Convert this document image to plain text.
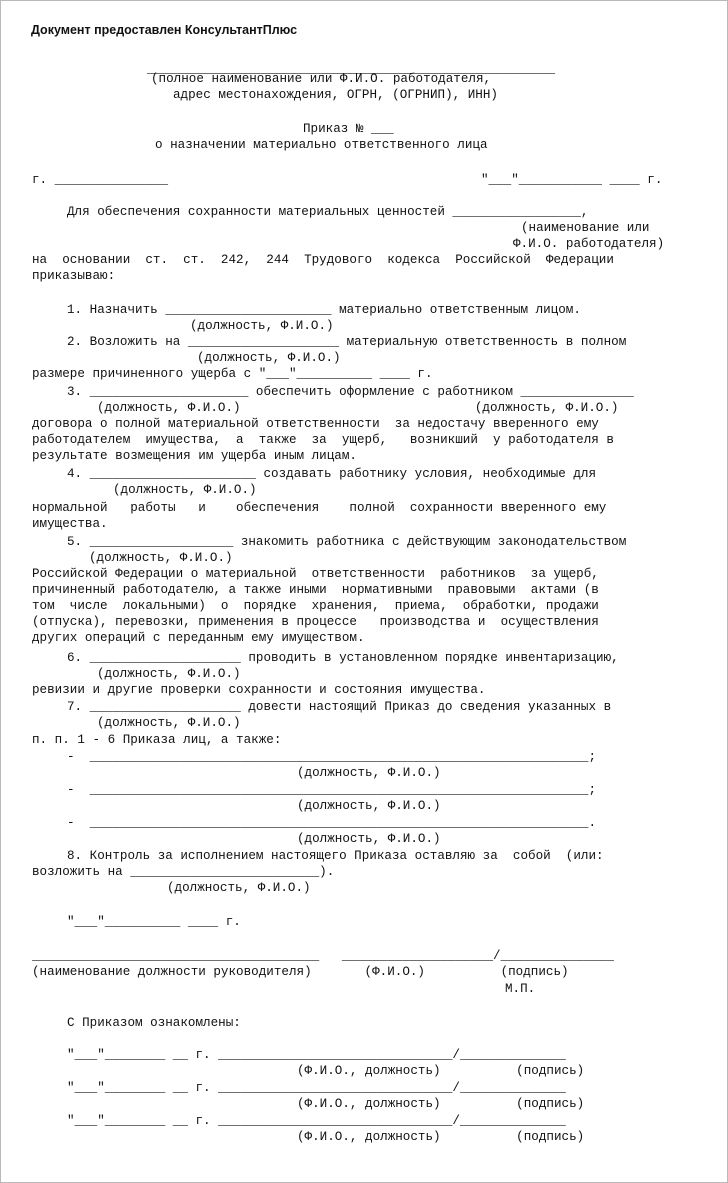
Документ предоставлен КонсультантПлюс
______________________________________________________
(полное наименование или Ф.И.О. работодателя,
адрес местонахождения, ОГРН, (ОГРНИП), ИНН)
Приказ № ___
о назначении материально ответственного лица
г. _______________	"___"___________ ____ г.
Для обеспечения сохранности материальных ценностей _________________,
(наименование или
Ф.И.О. работодателя)
на  основании  ст.  ст.  242,  244  Трудового  кодекса  Российской  Федерации
приказываю:
1. Назначить ______________________ материально ответственным лицом.
(должность, Ф.И.О.)
2. Возложить на ____________________ материальную ответственность в полном
(должность, Ф.И.О.)
размере причиненного ущерба с "___"__________ ____ г.
3. _____________________ обеспечить оформление с работником _______________
(должность, Ф.И.О.)                               (должность, Ф.И.О.)
договора о полной материальной ответственности  за недостачу вверенного ему
работодателем  имущества,  а  также  за  ущерб,   возникший  у работодателя в
результате возмещения им ущерба иным лицам.
4. ______________________ создавать работнику условия, необходимые для
(должность, Ф.И.О.)
нормальной   работы   и    обеспечения    полной  сохранности вверенного ему
имущества.
5. ___________________ знакомить работника с действующим законодательством
(должность, Ф.И.О.)
Российской Федерации о материальной  ответственности  работников  за ущерб,
причиненный работодателю, а также иными  нормативными  правовыми  актами (в
том  числе  локальными)  о  порядке  хранения,  приема,  обработки, продажи
(отпуска), перевозки, применения в процессе   производства и  осуществления
других операций с переданным ему имуществом.
6. ____________________ проводить в установленном порядке инвентаризацию,
(должность, Ф.И.О.)
ревизии и другие проверки сохранности и состояния имущества.
7. ____________________ довести настоящий Приказ до сведения указанных в
(должность, Ф.И.О.)
п. п. 1 - 6 Приказа лиц, а также:
-  __________________________________________________________________;
(должность, Ф.И.О.)
-  __________________________________________________________________;
(должность, Ф.И.О.)
-  __________________________________________________________________.
(должность, Ф.И.О.)
8. Контроль за исполнением настоящего Приказа оставляю за  собой  (или:
возложить на _________________________).
(должность, Ф.И.О.)
"___"__________ ____ г.
______________________________________   ____________________/_______________
(наименование должности руководителя)       (Ф.И.О.)          (подпись)
М.П.
С Приказом ознакомлены:
"___"________ __ г. _______________________________/______________
(Ф.И.О., должность)          (подпись)
"___"________ __ г. _______________________________/______________
(Ф.И.О., должность)          (подпись)
"___"________ __ г. _______________________________/______________
(Ф.И.О., должность)          (подпись)
